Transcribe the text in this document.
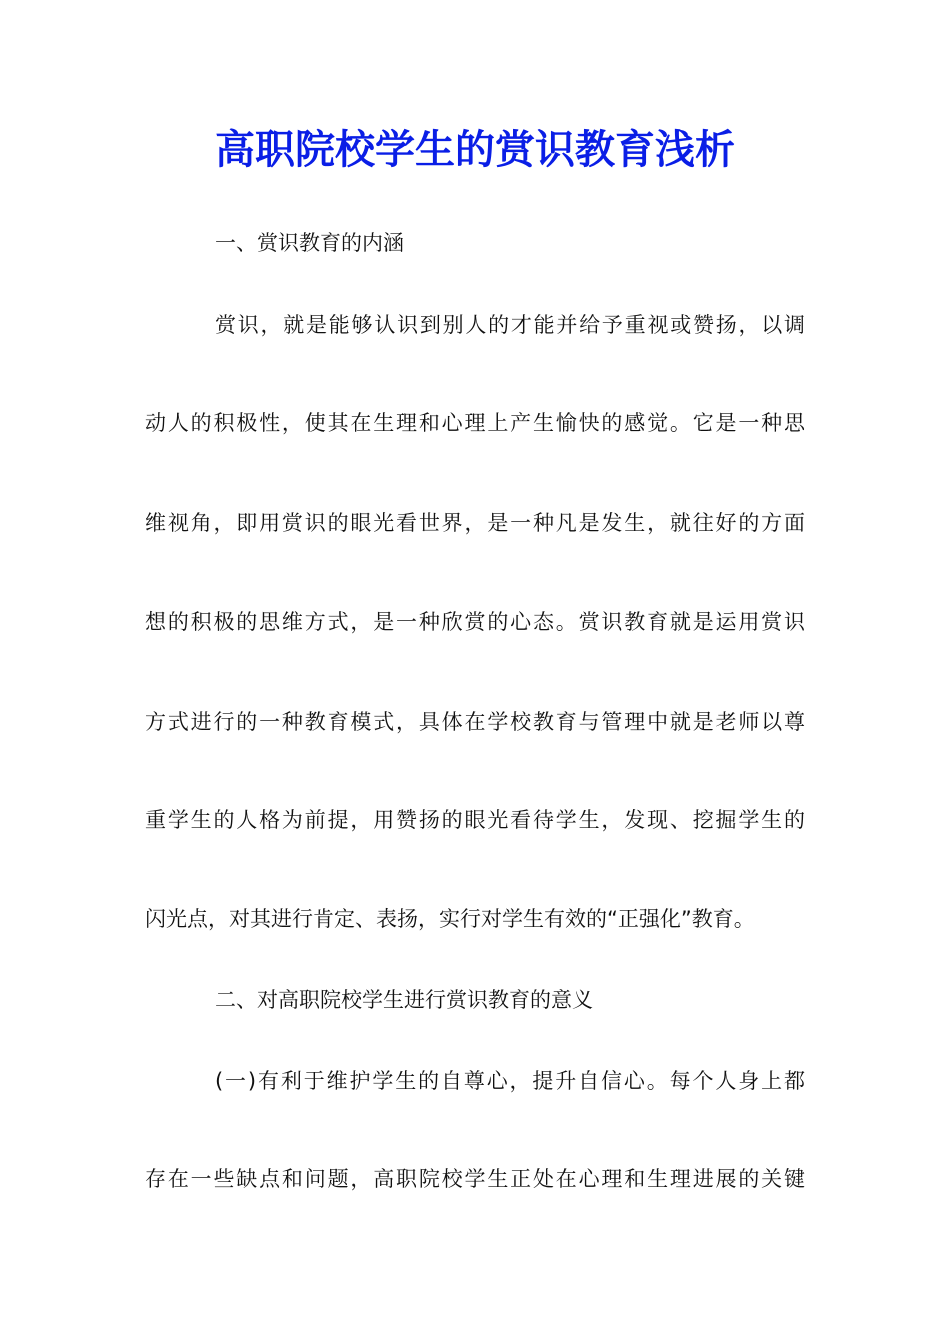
高职院校学生的赏识教育浅析

一、赏识教育的内涵

赏识，就是能够认识到别人的才能并给予重视或赞扬，以调

动人的积极性，使其在生理和心理上产生愉快的感觉。它是一种思

维视角，即用赏识的眼光看世界，是一种凡是发生，就往好的方面

想的积极的思维方式，是一种欣赏的心态。赏识教育就是运用赏识

方式进行的一种教育模式，具体在学校教育与管理中就是老师以尊

重学生的人格为前提，用赞扬的眼光看待学生，发现、挖掘学生的

闪光点，对其进行肯定、表扬，实行对学生有效的“正强化”教育。

二、对高职院校学生进行赏识教育的意义

(一)有利于维护学生的自尊心，提升自信心。每个人身上都

存在一些缺点和问题，高职院校学生正处在心理和生理进展的关键
